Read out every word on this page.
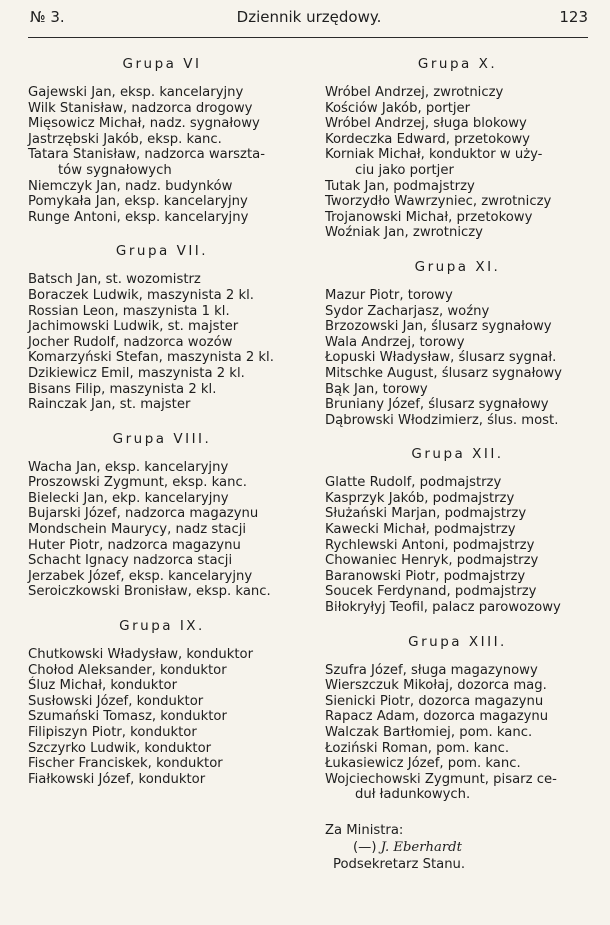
№ 3.	Dziennik urzędowy.	123
Grupa VI
Gajewski Jan, eksp. kancelaryjny
Wilk Stanisław, nadzorca drogowy
Mięsowicz Michał, nadz. sygnałowy
Jastrzębski Jakób, eksp. kanc.
Tatara Stanisław, nadzorca warszta-
tów sygnałowych
Niemczyk Jan, nadz. budynków
Pomykała Jan, eksp. kancelaryjny
Runge Antoni, eksp. kancelaryjny
Grupa VII.
Batsch Jan, st. wozomistrz
Boraczek Ludwik, maszynista 2 kl.
Rossian Leon, maszynista 1 kl.
Jachimowski Ludwik, st. majster
Jocher Rudolf, nadzorca wozów
Komarzyński Stefan, maszynista 2 kl.
Dzikiewicz Emil, maszynista 2 kl.
Bisans Filip, maszynista 2 kl.
Rainczak Jan, st. majster
Grupa VIII.
Wacha Jan, eksp. kancelaryjny
Proszowski Zygmunt, eksp. kanc.
Bielecki Jan, ekp. kancelaryjny
Bujarski Józef, nadzorca magazynu
Mondschein Maurycy, nadz stacji
Huter Piotr, nadzorca magazynu
Schacht Ignacy nadzorca stacji
Jerzabek Józef, eksp. kancelaryjny
Seroiczkowski Bronisław, eksp. kanc.
Grupa IX.
Chutkowski Władysław, konduktor
Chołod Aleksander, konduktor
Śluz Michał, konduktor
Susłowski Józef, konduktor
Szumański Tomasz, konduktor
Filipiszyn Piotr, konduktor
Szczyrko Ludwik, konduktor
Fischer Franciskek, konduktor
Fiałkowski Józef, konduktor
Grupa X.
Wróbel Andrzej, zwrotniczy
Kościów Jakób, portjer
Wróbel Andrzej, sługa blokowy
Kordeczka Edward, przetokowy
Korniak Michał, konduktor w uży-
ciu jako portjer
Tutak Jan, podmajstrzy
Tworzydło Wawrzyniec, zwrotniczy
Trojanowski Michał, przetokowy
Woźniak Jan, zwrotniczy
Grupa XI.
Mazur Piotr, torowy
Sydor Zacharjasz, woźny
Brzozowski Jan, ślusarz sygnałowy
Wala Andrzej, torowy
Łopuski Władysław, ślusarz sygnał.
Mitschke August, ślusarz sygnałowy
Bąk Jan, torowy
Bruniany Józef, ślusarz sygnałowy
Dąbrowski Włodzimierz, ślus. most.
Grupa XII.
Glatte Rudolf, podmajstrzy
Kasprzyk Jakób, podmajstrzy
Służański Marjan, podmajstrzy
Kawecki Michał, podmajstrzy
Rychlewski Antoni, podmajstrzy
Chowaniec Henryk, podmajstrzy
Baranowski Piotr, podmajstrzy
Soucek Ferdynand, podmajstrzy
Biłokryłyj Teofil, palacz parowozowy
Grupa XIII.
Szufra Józef, sługa magazynowy
Wierszczuk Mikołaj, dozorca mag.
Sienicki Piotr, dozorca magazynu
Rapacz Adam, dozorca magazynu
Walczak Bartłomiej, pom. kanc.
Łoziński Roman, pom. kanc.
Łukasiewicz Józef, pom. kanc.
Wojciechowski Zygmunt, pisarz ce-
duł ładunkowych.
Za Ministra:
(—) J. Eberhardt
Podsekretarz Stanu.
